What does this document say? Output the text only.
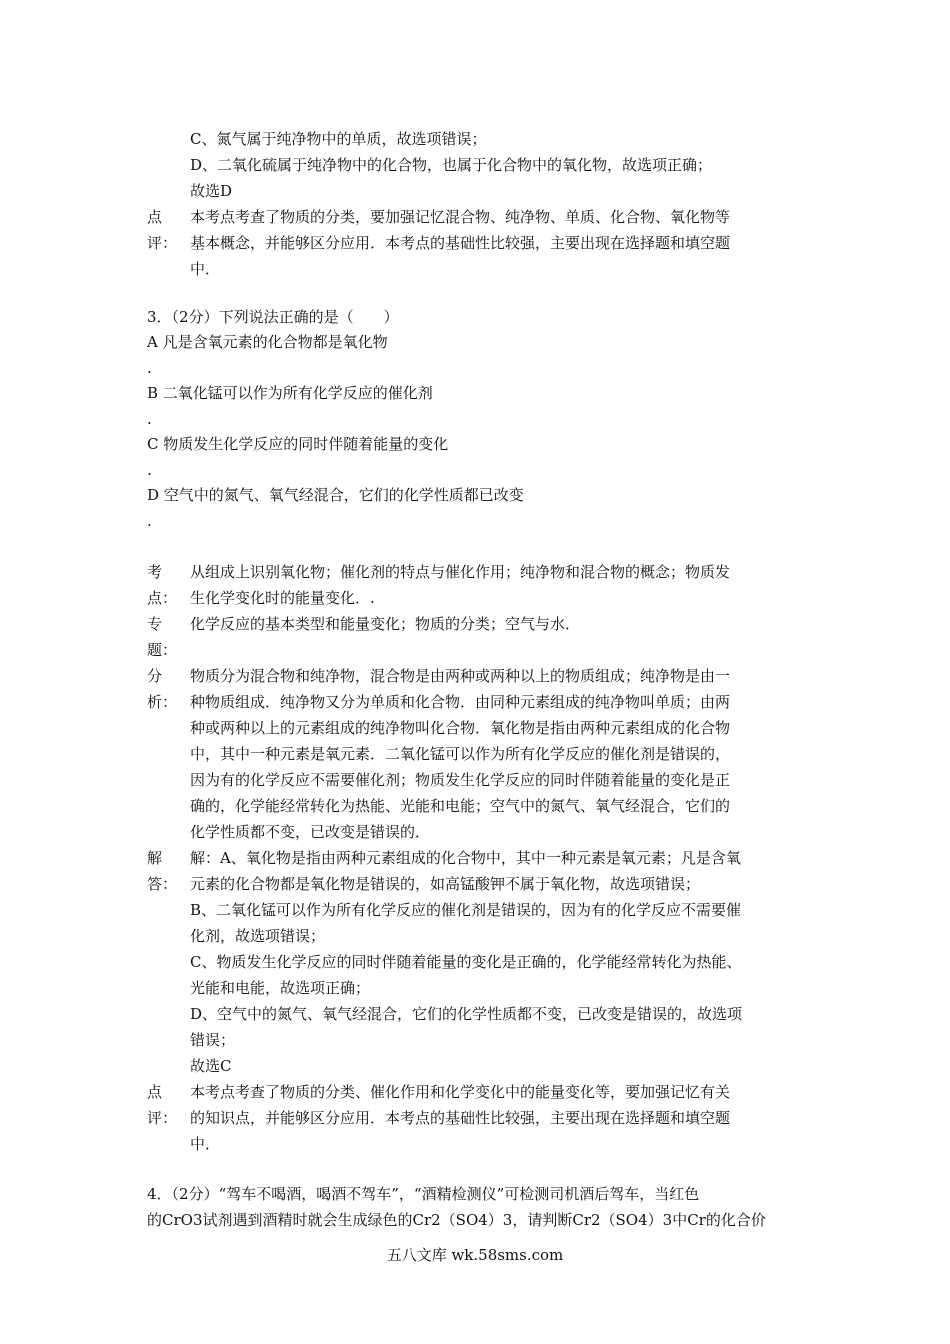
C、氮气属于纯净物中的单质，故选项错误；
D、二氧化硫属于纯净物中的化合物，也属于化合物中的氧化物，故选项正确；
故选D
点
评：
本考点考查了物质的分类，要加强记忆混合物、纯净物、单质、化合物、氧化物等
基本概念，并能够区分应用．本考点的基础性比较强，主要出现在选择题和填空题
中．
3．（2分）下列说法正确的是（　　）
A 凡是含氧元素的化合物都是氧化物
.
B 二氧化锰可以作为所有化学反应的催化剂
.
C 物质发生化学反应的同时伴随着能量的变化
.
D 空气中的氮气、氧气经混合，它们的化学性质都已改变
.
考
点：
从组成上识别氧化物；催化剂的特点与催化作用；纯净物和混合物的概念；物质发
生化学变化时的能量变化．.
专
题：
化学反应的基本类型和能量变化；物质的分类；空气与水．
分
析：
物质分为混合物和纯净物，混合物是由两种或两种以上的物质组成；纯净物是由一
种物质组成．纯净物又分为单质和化合物．由同种元素组成的纯净物叫单质；由两
种或两种以上的元素组成的纯净物叫化合物．氧化物是指由两种元素组成的化合物
中，其中一种元素是氧元素．二氧化锰可以作为所有化学反应的催化剂是错误的，
因为有的化学反应不需要催化剂；物质发生化学反应的同时伴随着能量的变化是正
确的，化学能经常转化为热能、光能和电能；空气中的氮气、氧气经混合，它们的
化学性质都不变，已改变是错误的．
解
答：
解：A、氧化物是指由两种元素组成的化合物中，其中一种元素是氧元素；凡是含氧
元素的化合物都是氧化物是错误的，如高锰酸钾不属于氧化物，故选项错误；
B、二氧化锰可以作为所有化学反应的催化剂是错误的，因为有的化学反应不需要催
化剂，故选项错误；
C、物质发生化学反应的同时伴随着能量的变化是正确的，化学能经常转化为热能、
光能和电能，故选项正确；
D、空气中的氮气、氧气经混合，它们的化学性质都不变，已改变是错误的，故选项
错误；
故选C
点
评：
本考点考查了物质的分类、催化作用和化学变化中的能量变化等，要加强记忆有关
的知识点，并能够区分应用．本考点的基础性比较强，主要出现在选择题和填空题
中．
4．（2分）“驾车不喝酒，喝酒不驾车”，“酒精检测仪”可检测司机酒后驾车，当红色
的CrO3试剂遇到酒精时就会生成绿色的Cr2（SO4）3，请判断Cr2（SO4）3中Cr的化合价
五八文库 wk.58sms.com
